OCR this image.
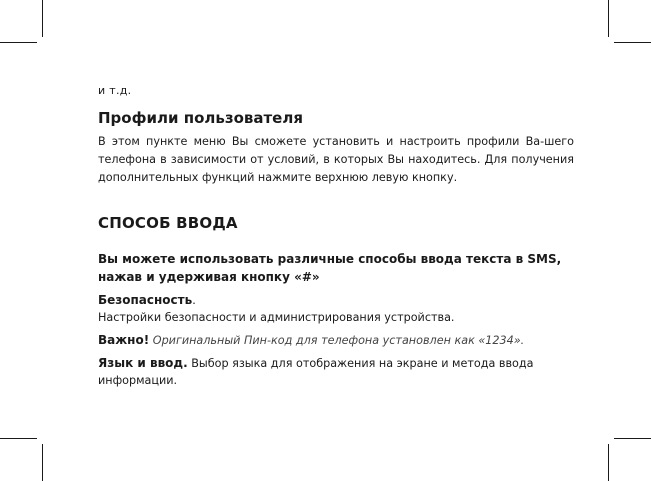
и т.д.

Профили пользователя

В этом пункте меню Вы сможете установить и настроить профили Ва-шего телефона в зависимости от условий, в которых Вы находитесь. Для получения дополнительных функций нажмите верхнюю левую кнопку.

СПОСОБ ВВОДА

Вы можете использовать различные способы ввода текста в SMS, нажав и удерживая кнопку «#»

Безопасность.
Настройки безопасности и администрирования устройства.

Важно! Оригинальный Пин-код для телефона установлен как «1234».

Язык и ввод. Выбор языка для отображения на экране и метода ввода информации.
